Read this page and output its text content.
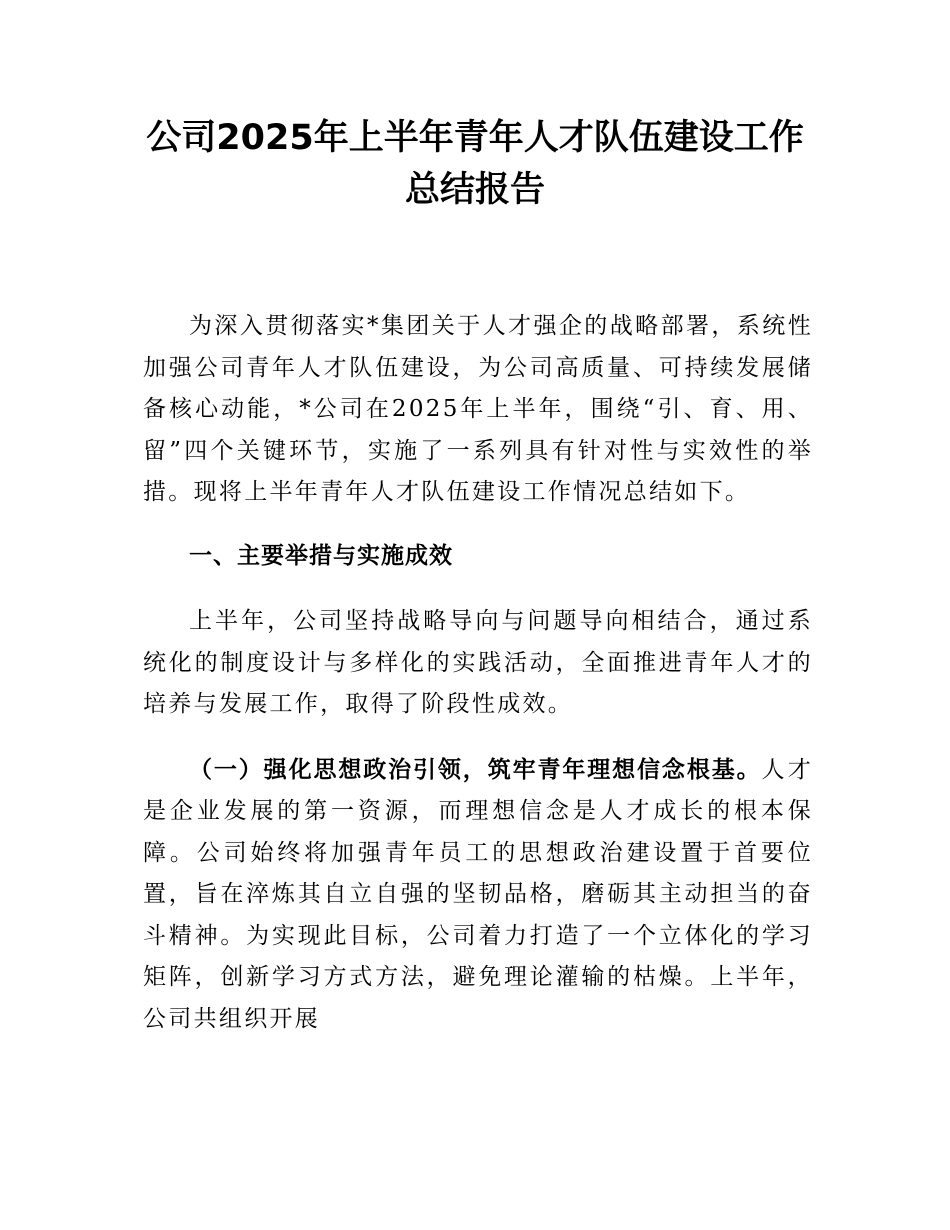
公司2025年上半年青年人才队伍建设工作总结报告

为深入贯彻落实*集团关于人才强企的战略部署，系统性加强公司青年人才队伍建设，为公司高质量、可持续发展储备核心动能，*公司在2025年上半年，围绕“引、育、用、留”四个关键环节，实施了一系列具有针对性与实效性的举措。现将上半年青年人才队伍建设工作情况总结如下。

一、主要举措与实施成效

上半年，公司坚持战略导向与问题导向相结合，通过系统化的制度设计与多样化的实践活动，全面推进青年人才的培养与发展工作，取得了阶段性成效。

（一）强化思想政治引领，筑牢青年理想信念根基。人才是企业发展的第一资源，而理想信念是人才成长的根本保障。公司始终将加强青年员工的思想政治建设置于首要位置，旨在淬炼其自立自强的坚韧品格，磨砺其主动担当的奋斗精神。为实现此目标，公司着力打造了一个立体化的学习矩阵，创新学习方式方法，避免理论灌输的枯燥。上半年，公司共组织开展
